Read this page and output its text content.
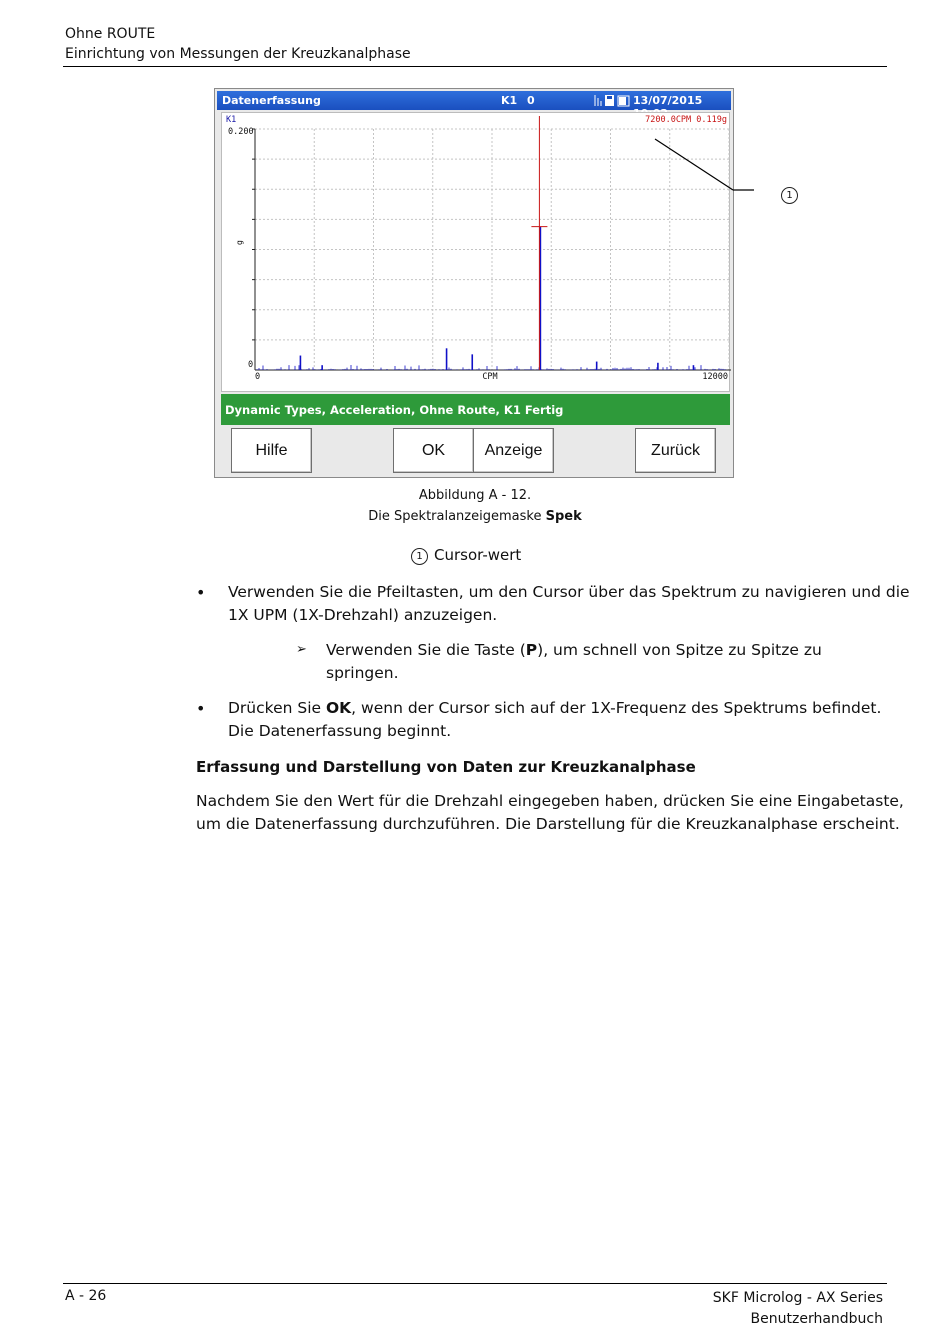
Ohne ROUTE
Einrichtung von Messungen der Kreuzkanalphase
Datenerfassung	K1 0	13/07/2015
K1	7200.0CPM 0.119g
0.200
0
g
0	CPM	12000
Dynamic Types, Acceleration, Ohne Route, K1 Fertig
Hilfe	OK	Anzeige	Zurück
1
Abbildung A - 12.
Die Spektralanzeigemaske Spek
1 Cursor-wert
• Verwenden Sie die Pfeiltasten, um den Cursor über das Spektrum zu navigieren und die
1X UPM (1X-Drehzahl) anzuzeigen.
➢ Verwenden Sie die Taste (P), um schnell von Spitze zu Spitze zu
springen.
• Drücken Sie OK, wenn der Cursor sich auf der 1X-Frequenz des Spektrums befindet.
Die Datenerfassung beginnt.
Erfassung und Darstellung von Daten zur Kreuzkanalphase
Nachdem Sie den Wert für die Drehzahl eingegeben haben, drücken Sie eine Eingabetaste,
um die Datenerfassung durchzuführen. Die Darstellung für die Kreuzkanalphase erscheint.
A - 26	SKF Microlog - AX Series
Benutzerhandbuch
